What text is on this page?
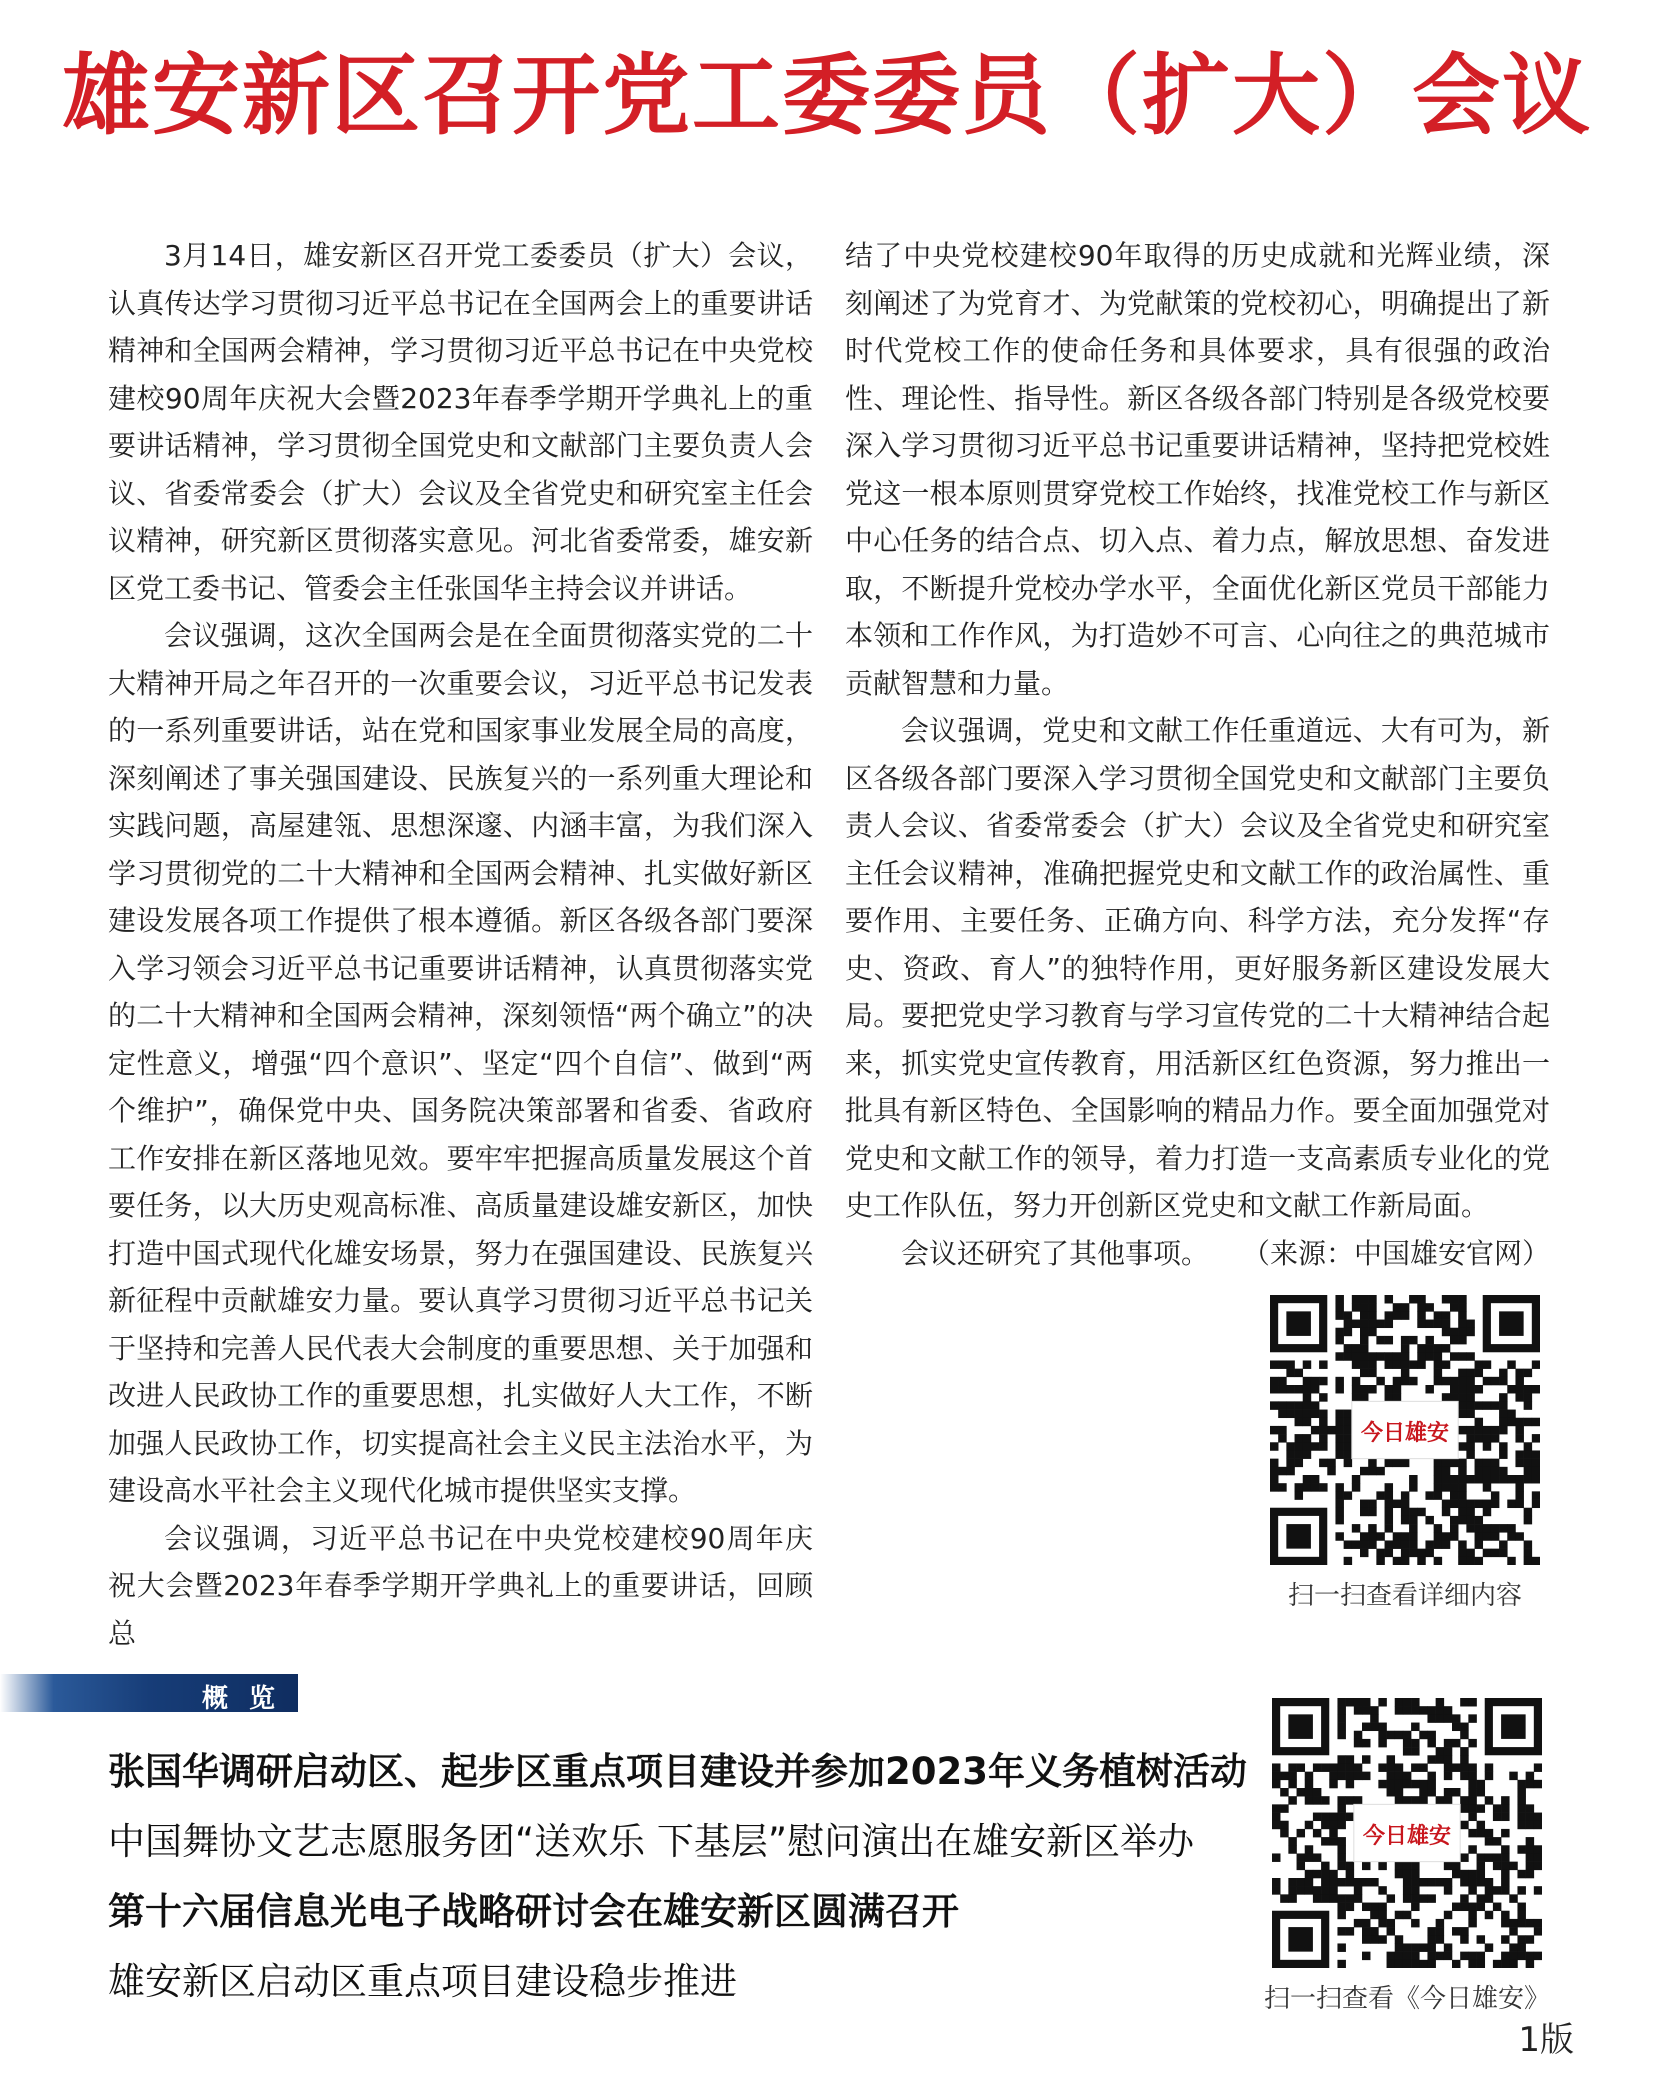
雄安新区召开党工委委员（扩大）会议

3月14日，雄安新区召开党工委委员（扩大）会议，认真传达学习贯彻习近平总书记在全国两会上的重要讲话精神和全国两会精神，学习贯彻习近平总书记在中央党校建校90周年庆祝大会暨2023年春季学期开学典礼上的重要讲话精神，学习贯彻全国党史和文献部门主要负责人会议、省委常委会（扩大）会议及全省党史和研究室主任会议精神，研究新区贯彻落实意见。河北省委常委，雄安新区党工委书记、管委会主任张国华主持会议并讲话。

会议强调，这次全国两会是在全面贯彻落实党的二十大精神开局之年召开的一次重要会议，习近平总书记发表的一系列重要讲话，站在党和国家事业发展全局的高度，深刻阐述了事关强国建设、民族复兴的一系列重大理论和实践问题，高屋建瓴、思想深邃、内涵丰富，为我们深入学习贯彻党的二十大精神和全国两会精神、扎实做好新区建设发展各项工作提供了根本遵循。新区各级各部门要深入学习领会习近平总书记重要讲话精神，认真贯彻落实党的二十大精神和全国两会精神，深刻领悟“两个确立”的决定性意义，增强“四个意识”、坚定“四个自信”、做到“两个维护”，确保党中央、国务院决策部署和省委、省政府工作安排在新区落地见效。要牢牢把握高质量发展这个首要任务，以大历史观高标准、高质量建设雄安新区，加快打造中国式现代化雄安场景，努力在强国建设、民族复兴新征程中贡献雄安力量。要认真学习贯彻习近平总书记关于坚持和完善人民代表大会制度的重要思想、关于加强和改进人民政协工作的重要思想，扎实做好人大工作，不断加强人民政协工作，切实提高社会主义民主法治水平，为建设高水平社会主义现代化城市提供坚实支撑。

会议强调，习近平总书记在中央党校建校90周年庆祝大会暨2023年春季学期开学典礼上的重要讲话，回顾总

结了中央党校建校90年取得的历史成就和光辉业绩，深刻阐述了为党育才、为党献策的党校初心，明确提出了新时代党校工作的使命任务和具体要求，具有很强的政治性、理论性、指导性。新区各级各部门特别是各级党校要深入学习贯彻习近平总书记重要讲话精神，坚持把党校姓党这一根本原则贯穿党校工作始终，找准党校工作与新区中心任务的结合点、切入点、着力点，解放思想、奋发进取，不断提升党校办学水平，全面优化新区党员干部能力本领和工作作风，为打造妙不可言、心向往之的典范城市贡献智慧和力量。

会议强调，党史和文献工作任重道远、大有可为，新区各级各部门要深入学习贯彻全国党史和文献部门主要负责人会议、省委常委会（扩大）会议及全省党史和研究室主任会议精神，准确把握党史和文献工作的政治属性、重要作用、主要任务、正确方向、科学方法，充分发挥“存史、资政、育人”的独特作用，更好服务新区建设发展大局。要把党史学习教育与学习宣传党的二十大精神结合起来，抓实党史宣传教育，用活新区红色资源，努力推出一批具有新区特色、全国影响的精品力作。要全面加强党对党史和文献工作的领导，着力打造一支高素质专业化的党史工作队伍，努力开创新区党史和文献工作新局面。

会议还研究了其他事项。 （来源：中国雄安官网）
今日雄安
扫一扫查看详细内容
概 览
张国华调研启动区、起步区重点项目建设并参加2023年义务植树活动
中国舞协文艺志愿服务团“送欢乐 下基层”慰问演出在雄安新区举办
第十六届信息光电子战略研讨会在雄安新区圆满召开
雄安新区启动区重点项目建设稳步推进
今日雄安
扫一扫查看《今日雄安》
1版
